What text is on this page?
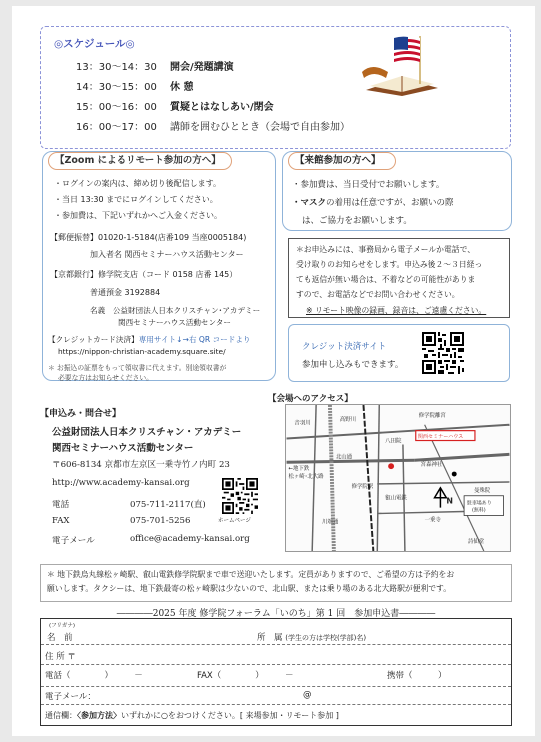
◎スケジュール◎
13：30～14：30 開会/発題講演
14：30～15：00 休 憩
15：00～16：00 質疑とはなしあい/閉会
16：00～17：00 講師を囲むひととき（会場で自由参加）
【Zoom によるリモート参加の方へ】
・ログインの案内は、締め切り後配信します。
・当日 13:30 までにログインしてください。
・参加費は、下記いずれかへご入金ください。
【郵便振替】01020-1-5184(店番109 当座0005184)
加入者名 関西セミナーハウス活動センター
【京都銀行】修学院支店（コード 0158 店番 145）
普通預金 3192884
名義　 公益財団法人日本クリスチャン･アカデミー
関西セミナーハウス活動センター
【クレジットカード決済】専用サイト↓→右 QR コードより
https://nippon-christian-academy.square.site/
＊ お振込の証票をもって領収書に代えます。別途領収書が
必要な方はお知らせください。
【来館参加の方へ】
・参加費は、当日受付でお願いします。
・マスクの着用は任意ですが、お願いの際
は、ご協力をお願いします。
＊お申込みには、事務局から電子メールか電話で、
受け取りのお知らせをします。申込み後２～３日経っ
ても返信が無い場合は、不着などの可能性がありま
すので、お電話などでお問い合わせください。
※ リモート映像の録画、録音は、ご遠慮ください。
クレジット決済サイト
参加申し込みもできます。
【申込み・問合せ】
公益財団法人日本クリスチャン・アカデミー
関西セミナーハウス活動センター
〒606-8134 京都市左京区一乗寺竹ノ内町 23
http://www.academy-kansai.org
電話	075-711-2117(直)
FAX	075-701-5256
電子メール	office@academy-kansai.org
ホームページ
【会場へのアクセス】
修学院離宮
音羽川
八田院
高野川
北山通
関西セミナーハウス
宮森神社
修学院駅
叡山電鉄
一乗寺
川端通
駐車場あり
(無料)
曼殊院
詩仙堂
N
←地下鉄
松ヶ崎･北大路
＊ 地下鉄烏丸線松ヶ崎駅、叡山電鉄修学院駅まで車で送迎いたします。定員がありますので、ご希望の方は予約をお
願いします。タクシーは、地下鉄最寄の松ヶ崎駅は少ないので、北山駅、または乗り場のある北大路駅が便利です。
――――2025 年度 修学院フォーラム「いのち」第 1 回　参加申込書――――
(フリガナ)
名　前	所　属 (学生の方は学校(学部)名)
住 所 〒
電話（　　　　）　　　－	FAX（　　　　）　　　－	携帯（　　　）
電子メール：	@
通信欄：〈参加方法〉いずれかに○をおつけください。[ 来場参加・リモート参加 ]
